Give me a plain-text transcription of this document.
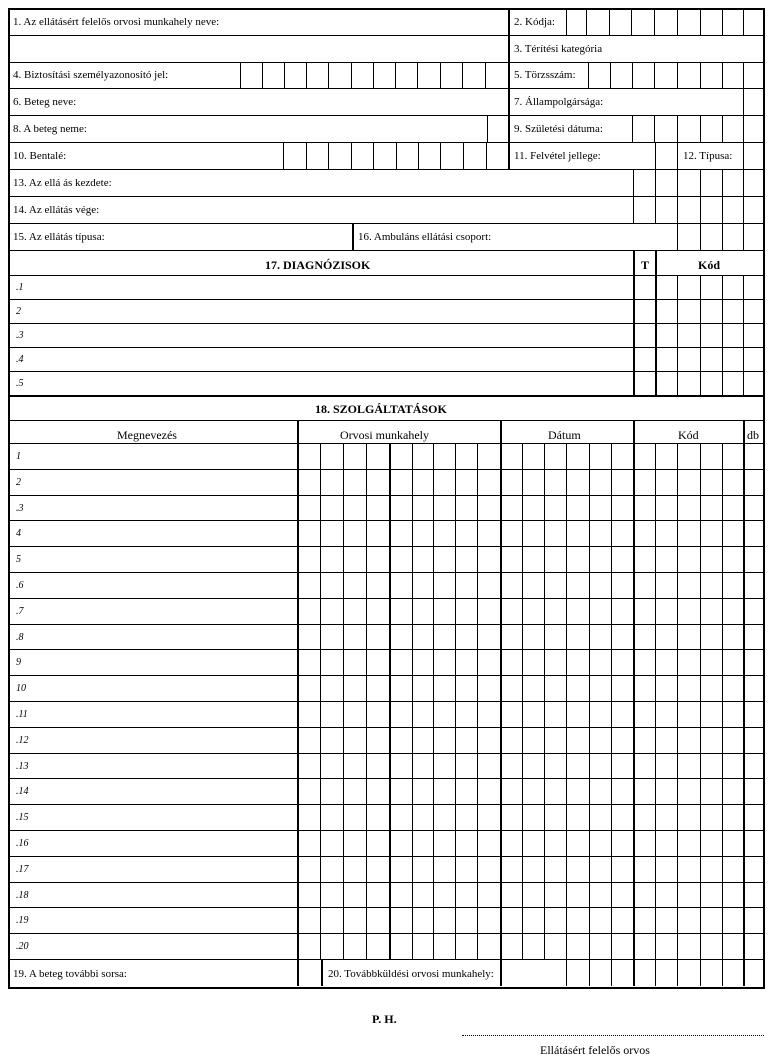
1. Az ellátásért felelős orvosi munkahely neve:	2. Kódja:
3. Térítési kategória
4. Biztosítási személyazonosító jel:	5. Törzsszám:
6. Beteg neve:	7. Állampolgársága:
8. A beteg neme:	9. Születési dátuma:
10. Bentalé:	11. Felvétel jellege:	12. Típusa:
13. Az ellá ás kezdete:
14. Az ellátás vége:
15. Az ellátás típusa:	16. Ambuláns ellátási csoport:
17. DIAGNÓZISOK	T	Kód
.1
2
.3
.4
.5
18. SZOLGÁLTATÁSOK
Megnevezés	Orvosi munkahely	Dátum	Kód	db
1
2
.3
4
5
.6
.7
.8
9
10
.11
.12
.13
.14
.15
.16
.17
.18
.19
.20
19. A beteg további sorsa:	20. Továbbküldési orvosi munkahely:
P. H.
Ellátásért felelős orvos
